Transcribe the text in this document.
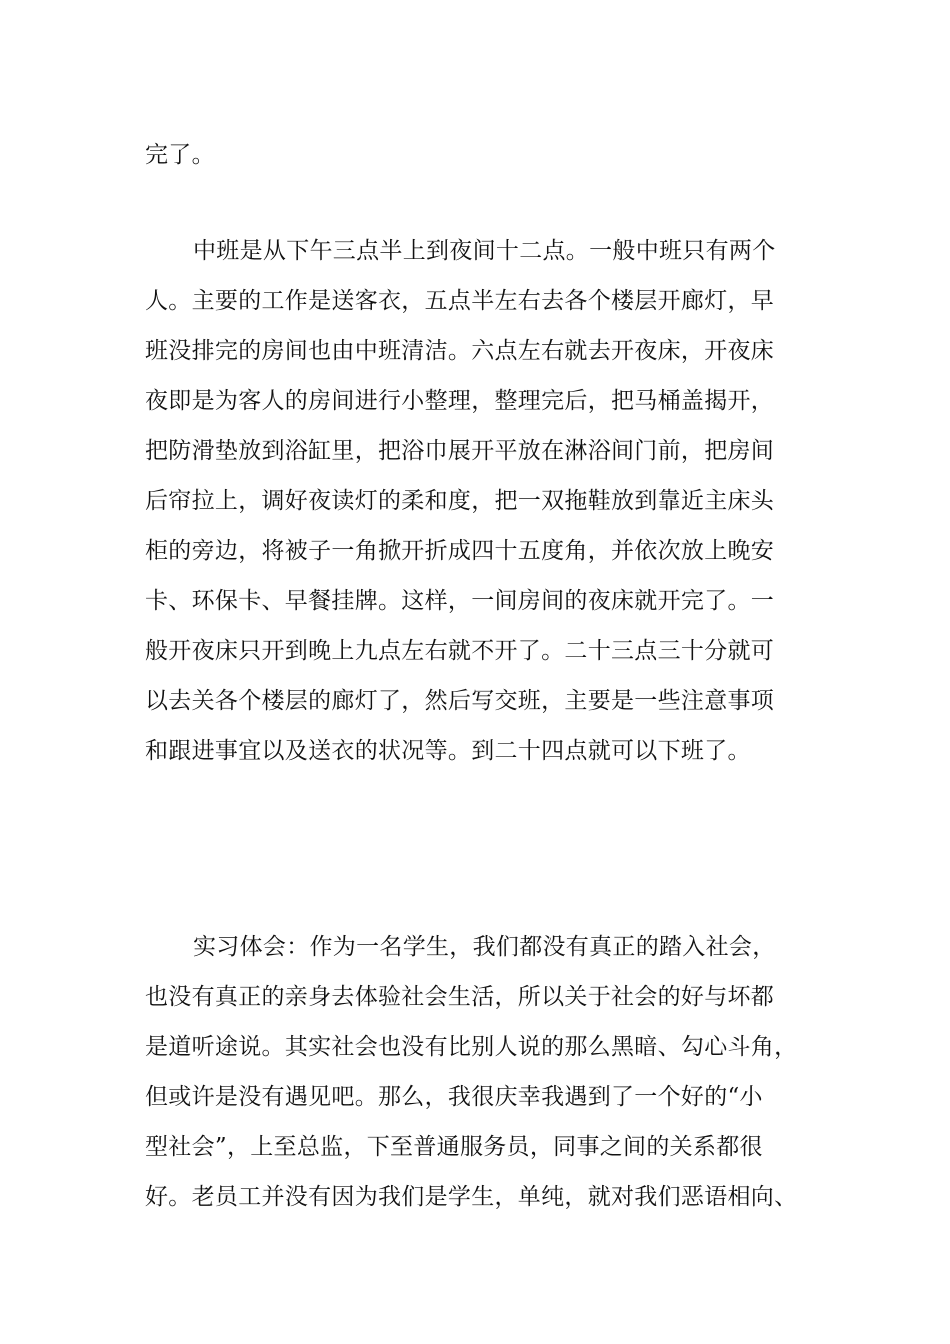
完了。
中班是从下午三点半上到夜间十二点。一般中班只有两个
人。主要的工作是送客衣，五点半左右去各个楼层开廊灯，早
班没排完的房间也由中班清洁。六点左右就去开夜床，开夜床
夜即是为客人的房间进行小整理，整理完后，把马桶盖揭开，
把防滑垫放到浴缸里，把浴巾展开平放在淋浴间门前，把房间
后帘拉上，调好夜读灯的柔和度，把一双拖鞋放到靠近主床头
柜的旁边，将被子一角掀开折成四十五度角，并依次放上晚安
卡、环保卡、早餐挂牌。这样，一间房间的夜床就开完了。一
般开夜床只开到晚上九点左右就不开了。二十三点三十分就可
以去关各个楼层的廊灯了，然后写交班，主要是一些注意事项
和跟进事宜以及送衣的状况等。到二十四点就可以下班了。
实习体会：作为一名学生，我们都没有真正的踏入社会，
也没有真正的亲身去体验社会生活，所以关于社会的好与坏都
是道听途说。其实社会也没有比别人说的那么黑暗、勾心斗角，
但或许是没有遇见吧。那么，我很庆幸我遇到了一个好的“小
型社会”，上至总监，下至普通服务员，同事之间的关系都很
好。老员工并没有因为我们是学生，单纯，就对我们恶语相向、
